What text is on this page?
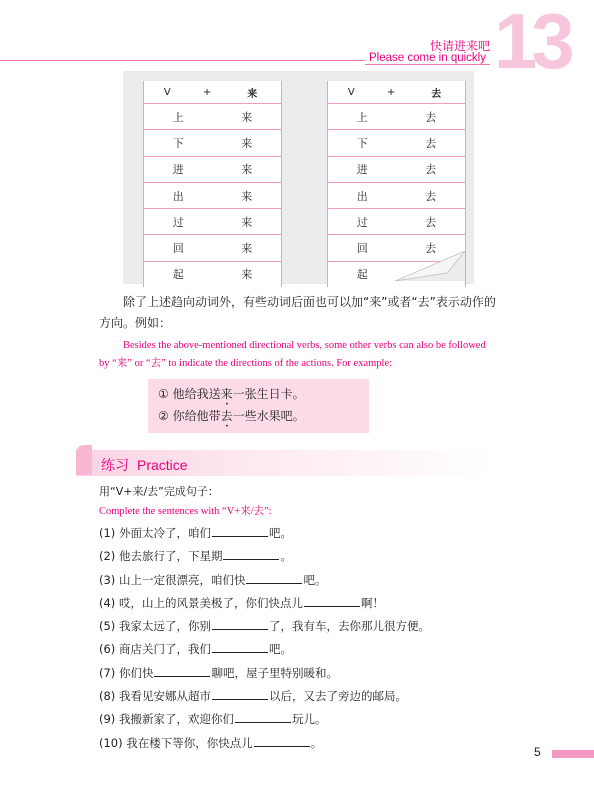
快请进来吧
Please come in quickly 13
V	+	来
上	来
下	来
进	来
出	来
过	来
回	来
起	来
V	+	去
上	去
下	去
进	去
出	去
过	去
回	去
起
除了上述趋向动词外，有些动词后面也可以加“来”或者“去”表示动作的方向。例如：
Besides the above-mentioned directional verbs, some other verbs can also be followed by “来” or “去” to indicate the directions of the actions. For example:
① 他给我送来一张生日卡。
② 你给他带去一些水果吧。
练习 Practice
用“V+来/去”完成句子：
Complete the sentences with “V+来/去”:
(1) 外面太冷了，咱们	吧。
(2) 他去旅行了，下星期	。
(3) 山上一定很漂亮，咱们快	吧。
(4) 哎，山上的风景美极了，你们快点儿	啊！
(5) 我家太远了，你别	了，我有车，去你那儿很方便。
(6) 商店关门了，我们	吧。
(7) 你们快	聊吧，屋子里特别暖和。
(8) 我看见安娜从超市	以后，又去了旁边的邮局。
(9) 我搬新家了，欢迎你们	玩儿。
(10) 我在楼下等你，你快点儿	。
5
